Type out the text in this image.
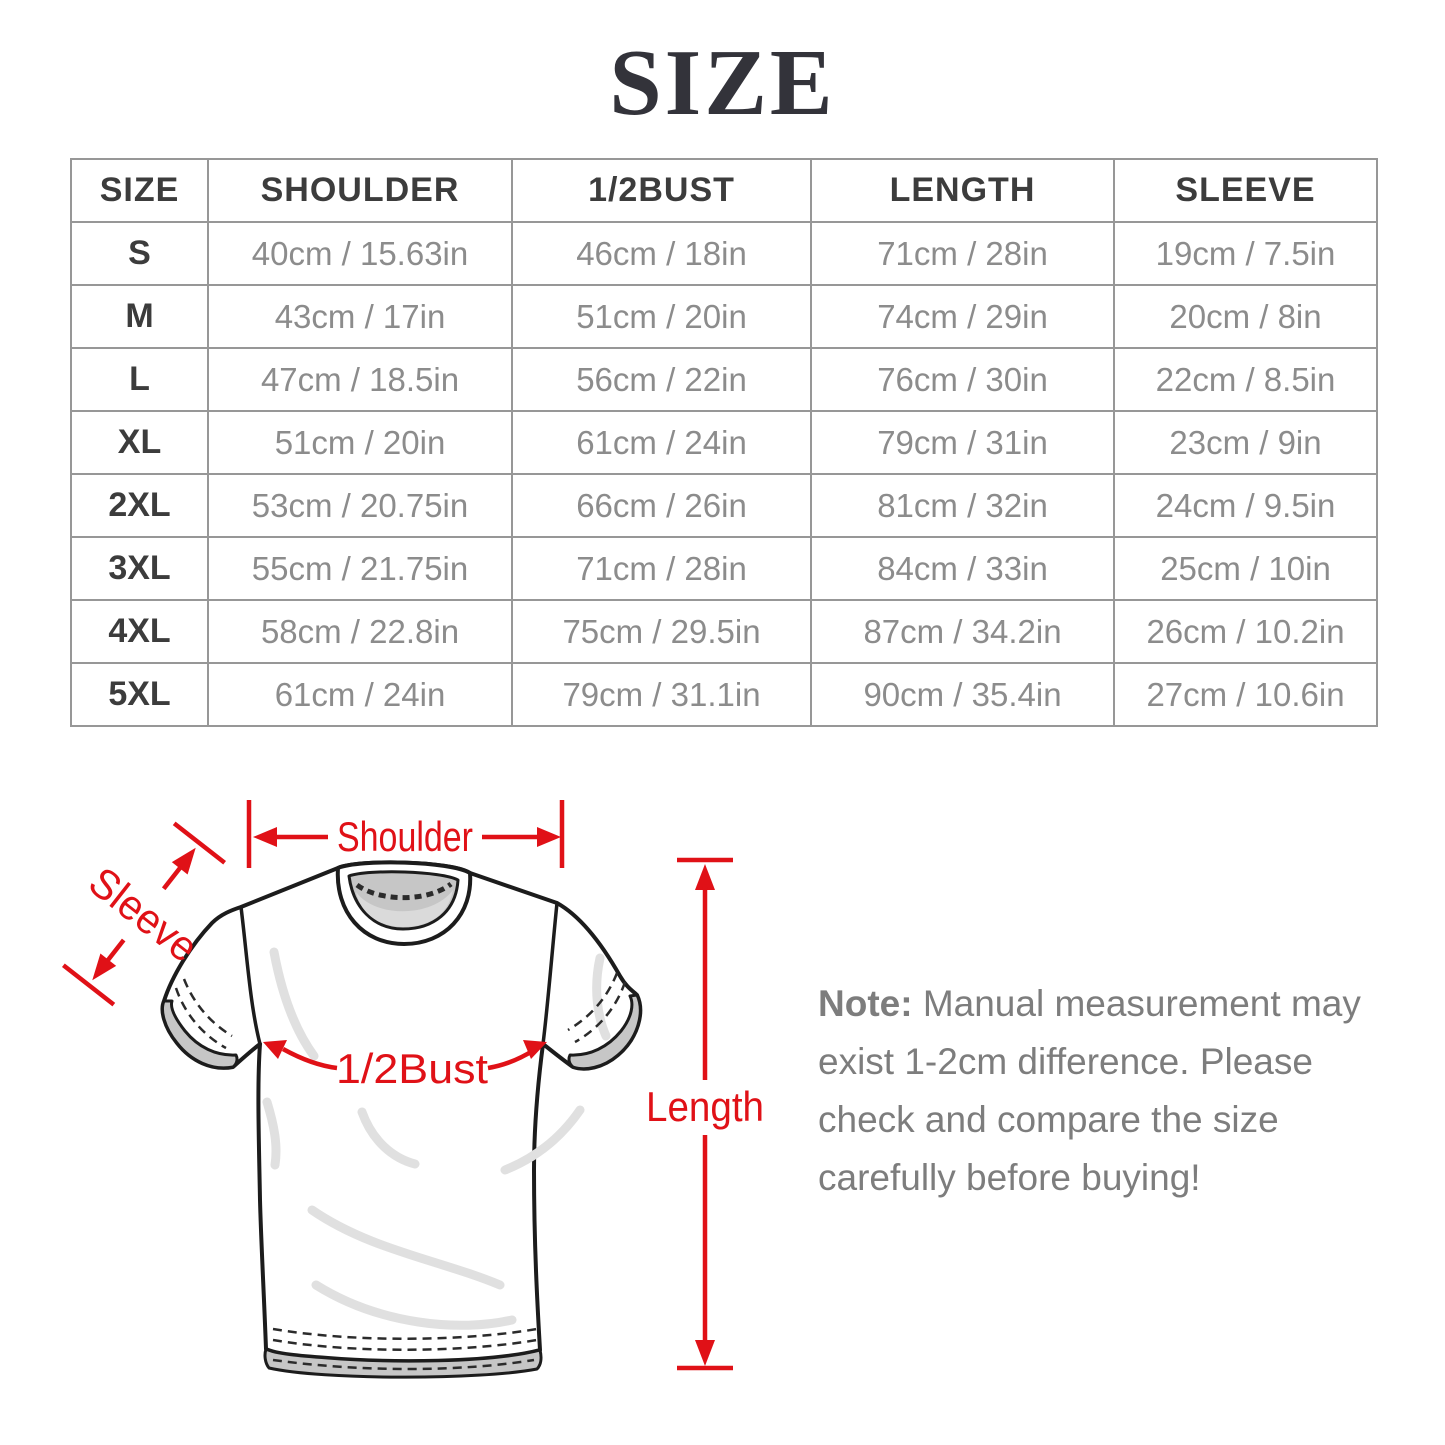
SIZE
SIZE	SHOULDER	1/2BUST	LENGTH	SLEEVE
S	40cm / 15.63in	46cm / 18in	71cm / 28in	19cm / 7.5in
M	43cm / 17in	51cm / 20in	74cm / 29in	20cm / 8in
L	47cm / 18.5in	56cm / 22in	76cm / 30in	22cm / 8.5in
XL	51cm / 20in	61cm / 24in	79cm / 31in	23cm / 9in
2XL	53cm / 20.75in	66cm / 26in	81cm / 32in	24cm / 9.5in
3XL	55cm / 21.75in	71cm / 28in	84cm / 33in	25cm / 10in
4XL	58cm / 22.8in	75cm / 29.5in	87cm / 34.2in	26cm / 10.2in
5XL	61cm / 24in	79cm / 31.1in	90cm / 35.4in	27cm / 10.6in
Shoulder
Sleeve
1/2Bust
Length

Note: Manual measurement may exist 1-2cm difference. Please check and compare the size carefully before buying!
